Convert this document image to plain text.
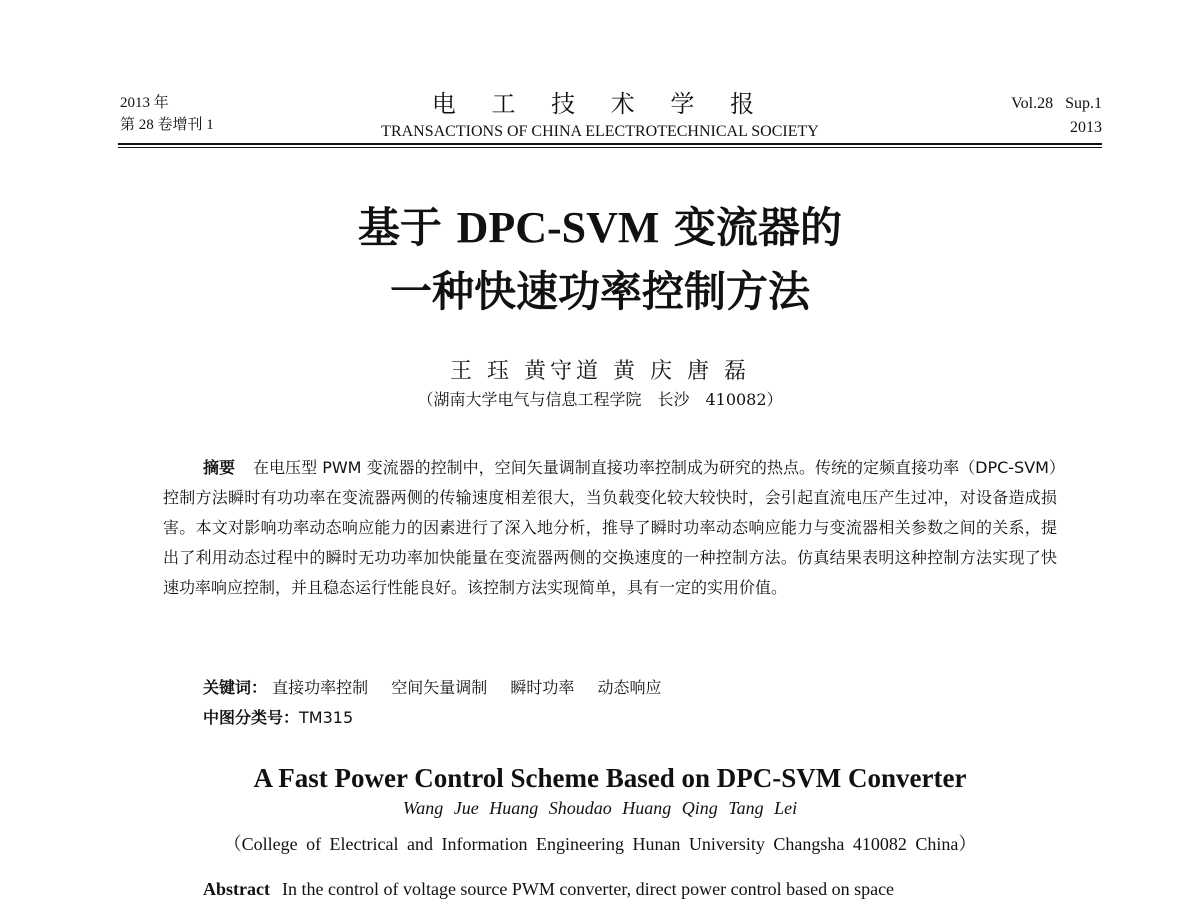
2013 年
第 28 卷增刊 1
电 工 技 术 学 报
TRANSACTIONS OF CHINA ELECTROTECHNICAL SOCIETY
Vol.28 Sup.1
2013
基于 DPC-SVM 变流器的
一种快速功率控制方法
王 珏 黄守道 黄 庆 唐 磊
（湖南大学电气与信息工程学院　长沙　410082）
摘要 在电压型 PWM 变流器的控制中，空间矢量调制直接功率控制成为研究的热点。传统的定频直接功率（DPC-SVM）控制方法瞬时有功功率在变流器两侧的传输速度相差很大，当负载变化较大较快时，会引起直流电压产生过冲，对设备造成损害。本文对影响功率动态响应能力的因素进行了深入地分析，推导了瞬时功率动态响应能力与变流器相关参数之间的关系，提出了利用动态过程中的瞬时无功功率加快能量在变流器两侧的交换速度的一种控制方法。仿真结果表明这种控制方法实现了快速功率响应控制，并且稳态运行性能良好。该控制方法实现简单，具有一定的实用价值。
关键词： 直接功率控制 空间矢量调制 瞬时功率 动态响应
中图分类号：TM315
A Fast Power Control Scheme Based on DPC-SVM Converter
Wang Jue Huang Shoudao Huang Qing Tang Lei
（College of Electrical and Information Engineering Hunan University Changsha 410082 China）
Abstract In the control of voltage source PWM converter, direct power control based on space
